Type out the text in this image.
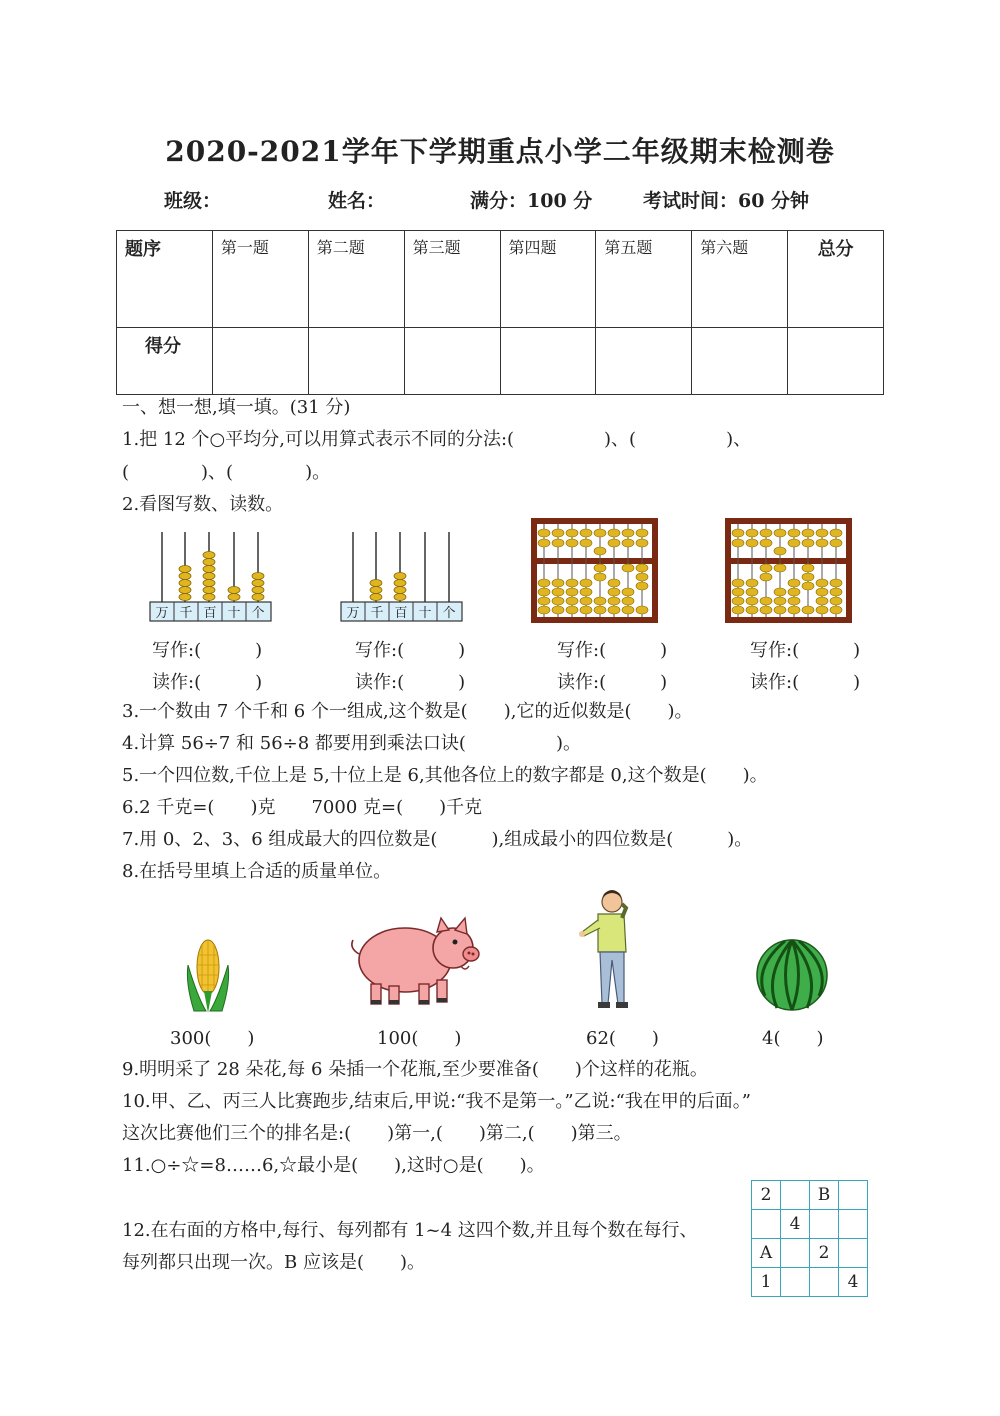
2020-2021学年下学期重点小学二年级期末检测卷
班级：	姓名：	满分：100 分	考试时间：60 分钟
题序	第一题	第二题	第三题	第四题	第五题	第六题	总分
得分							
一、想一想,填一填。(31 分)
1.把 12 个○平均分,可以用算式表示不同的分法:(　　　　　)、(　　　　　)、
(　　　　)、(　　　　)。
2.看图写数、读数。
万 千 百 十 个	万 千 百 十 个
写作:(　　　)	写作:(　　　)	写作:(　　　)	写作:(　　　)
读作:(　　　)	读作:(　　　)	读作:(　　　)	读作:(　　　)
3.一个数由 7 个千和 6 个一组成,这个数是(　　),它的近似数是(　　)。
4.计算 56÷7 和 56÷8 都要用到乘法口诀(　　　　　)。
5.一个四位数,千位上是 5,十位上是 6,其他各位上的数字都是 0,这个数是(　　)。
6.2 千克=(　　)克　　7000 克=(　　)千克
7.用 0、2、3、6 组成最大的四位数是(　　　),组成最小的四位数是(　　　)。
8.在括号里填上合适的质量单位。
300(　　)	100(　　)	62(　　)	4(　　)
9.明明采了 28 朵花,每 6 朵插一个花瓶,至少要准备(　　)个这样的花瓶。
10.甲、乙、丙三人比赛跑步,结束后,甲说:“我不是第一。”乙说:“我在甲的后面。”
这次比赛他们三个的排名是:(　　)第一,(　　)第二,(　　)第三。
11.○÷☆=8……6,☆最小是(　　),这时○是(　　)。
12.在右面的方格中,每行、每列都有 1~4 这四个数,并且每个数在每行、
每列都只出现一次。B 应该是(　　)。
2		B	
	4		
A		2	
1			4
